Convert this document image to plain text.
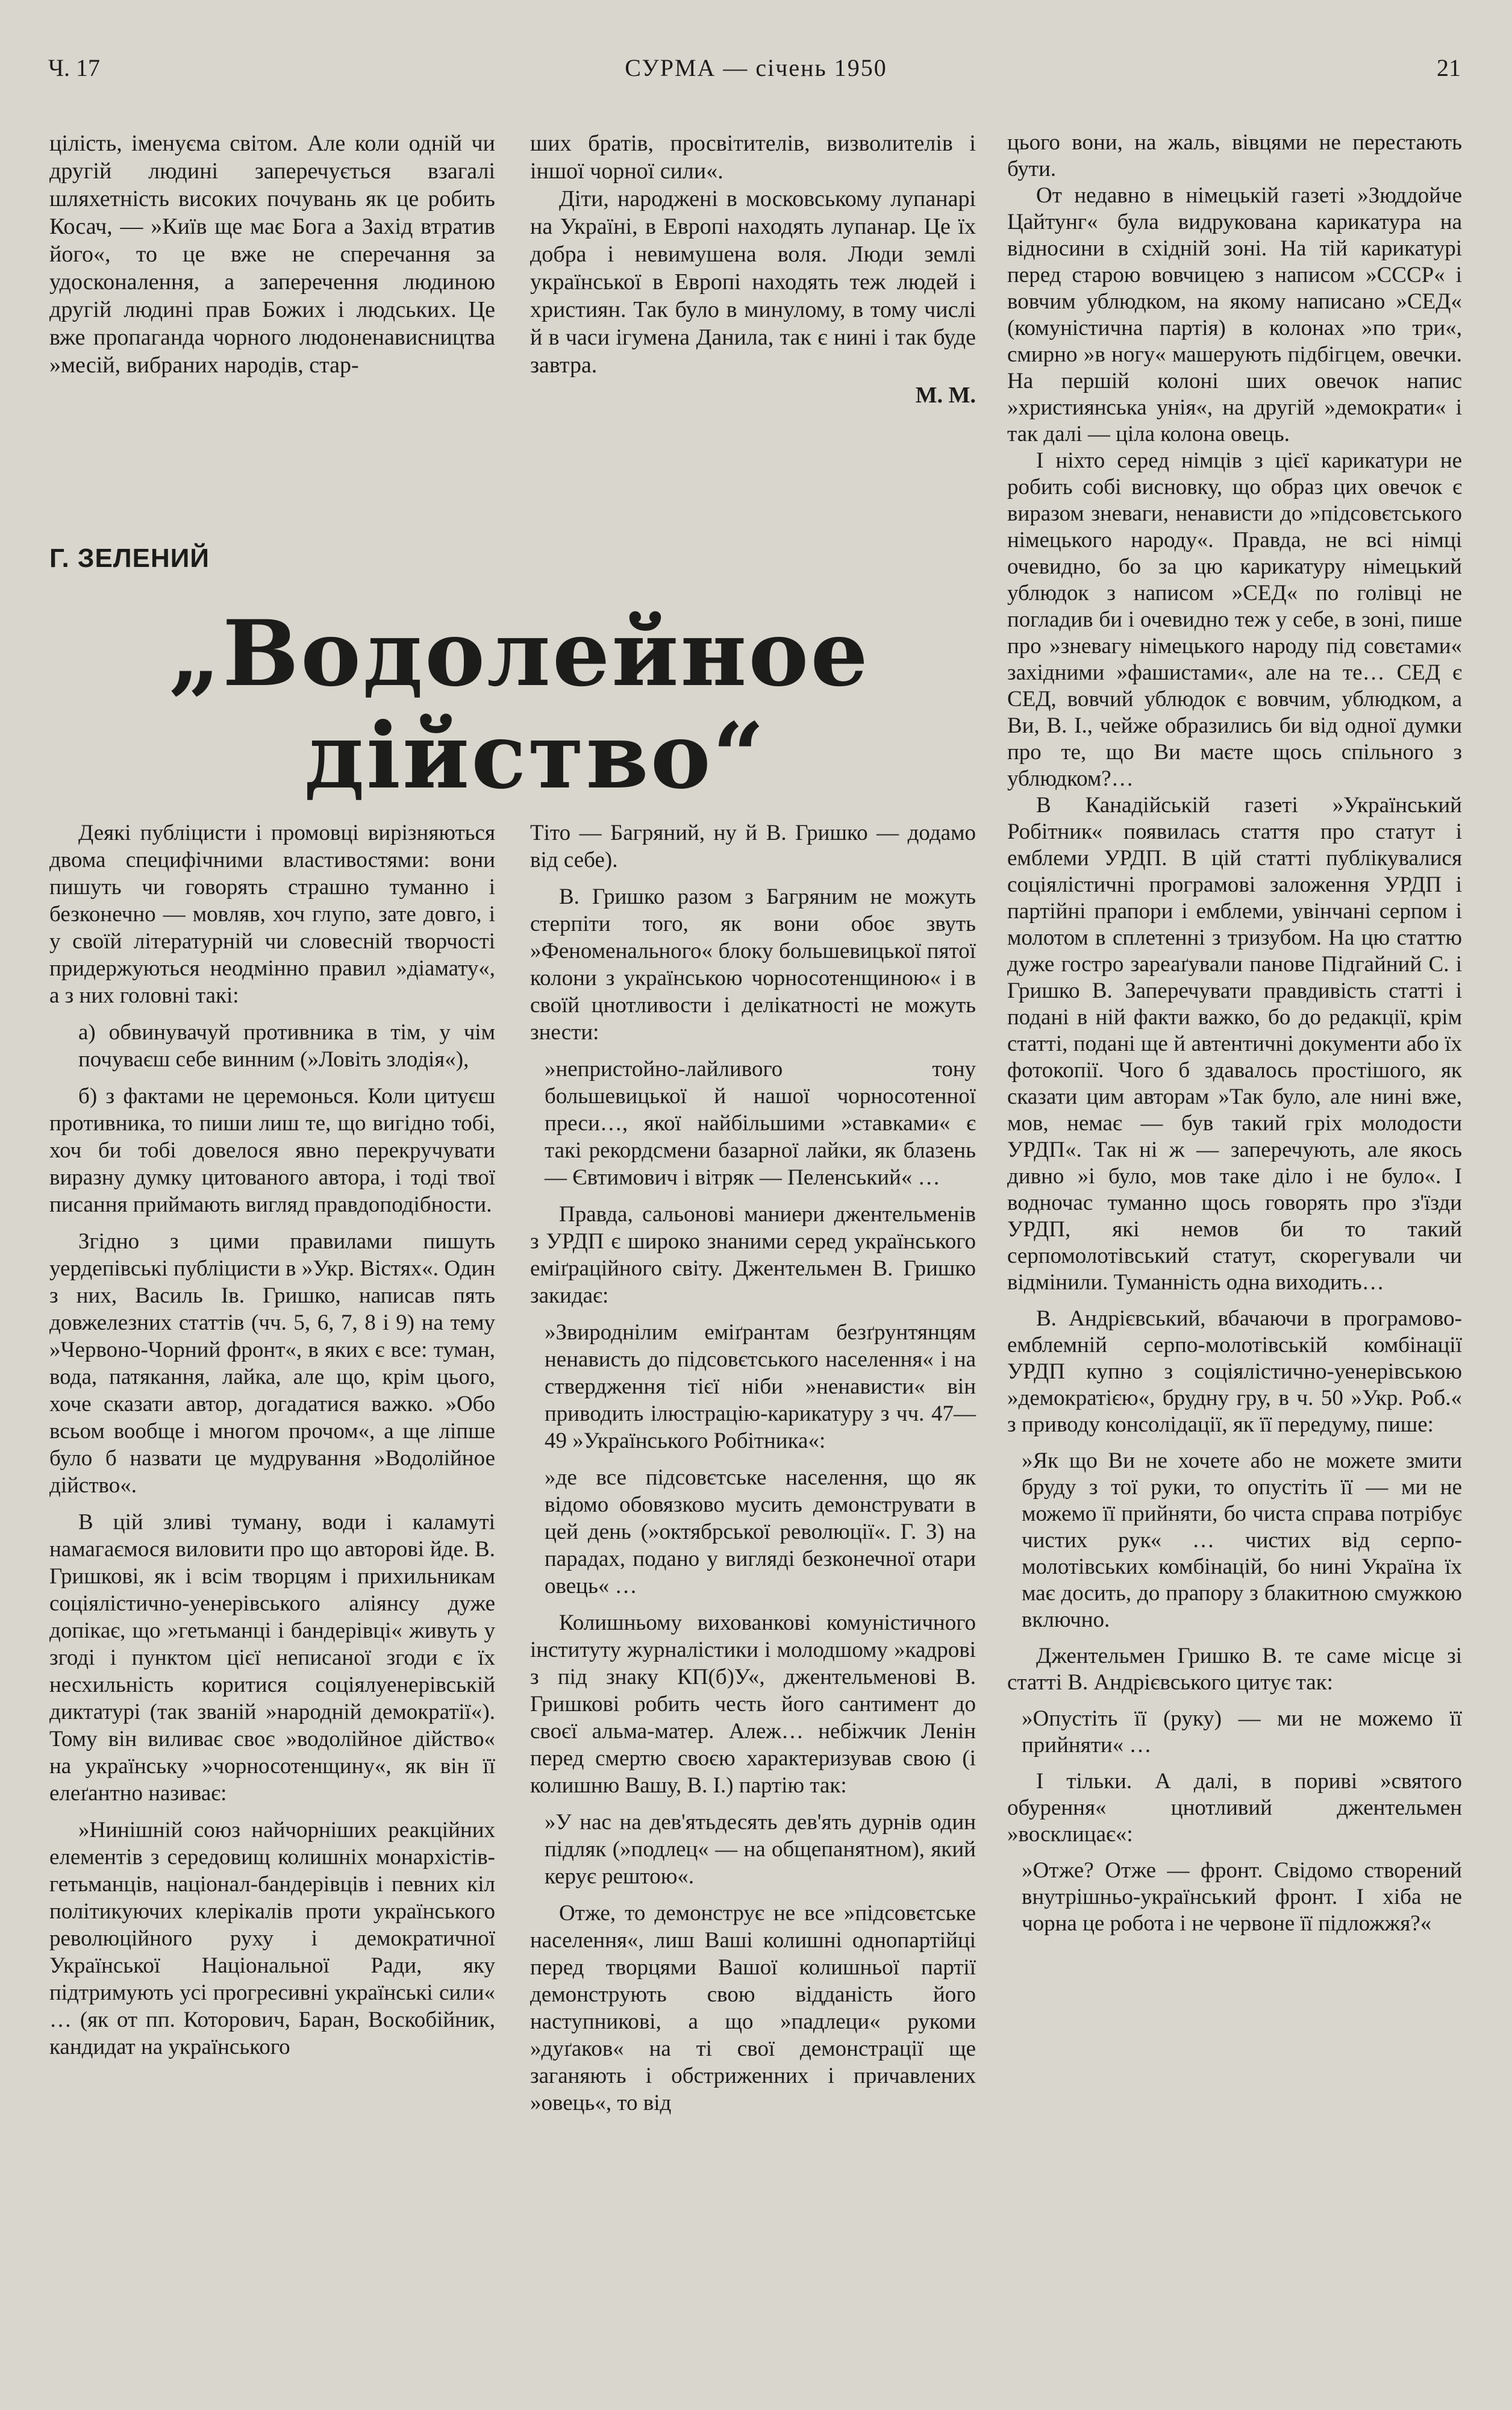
СУРМА — січень 1950
Ч. 17	21

цілість, іменуєма світом. Але коли одній чи другій людині заперечується взагалі шляхетність високих почувань як це робить Косач, — »Київ ще має Бога а Захід втратив його«, то це вже не сперечання за удосконалення, а заперечення людиною другій людині прав Божих і людських. Це вже пропаганда чорного людоненависництва »месій, вибраних народів, стар-

ших братів, просвітителів, визволителів і іншої чорної сили«.

Діти, народжені в московському лупанарі на Україні, в Европі находять лупанар. Це їх добра і невимушена воля. Люди землі української в Европі находять теж людей і християн. Так було в минулому, в тому числі й в часи ігумена Данила, так є нині і так буде завтра.

М. М.
Г. ЗЕЛЕНИЙ
„Водолейное
дійство“

Деякі публіцисти і промовці вирізняються двома специфічними властивостями: вони пишуть чи говорять страшно туманно і безконечно — мовляв, хоч глупо, зате довго, і у своїй літературній чи словесній творчості придержуються неодмінно правил »діамату«, а з них головні такі:

а) обвинувачуй противника в тім, у чім почуваєш себе винним (»Ловіть злодія«),

б) з фактами не церемонься. Коли цитуєш противника, то пиши лиш те, що вигідно тобі, хоч би тобі довелося явно перекручувати виразну думку цитованого автора, і тоді твої писання приймають вигляд правдоподібности.

Згідно з цими правилами пишуть уердепівські публіцисти в »Укр. Вістях«. Один з них, Василь Ів. Гришко, написав пять довжелезних статтів (чч. 5, 6, 7, 8 і 9) на тему »Червоно-Чорний фронт«, в яких є все: туман, вода, патякання, лайка, але що, крім цього, хоче сказати автор, догадатися важко. »Обо всьом вообще і многом прочом«, а ще ліпше було б назвати це мудрування »Водолійное дійство«.

В цій зливі туману, води і каламуті намагаємося виловити про що авторові йде. В. Гришкові, як і всім творцям і прихильникам соціялістично-уенерівського аліянсу дуже допікає, що »гетьманці і бандерівці« живуть у згоді і пунктом цієї неписаної згоди є їх несхильність коритися соціялуенерівській диктатурі (так званій »народній демократії«). Тому він виливає своє »водолійное дійство« на українську »чорносотенщину«, як він її елеґантно називає:

»Нинішній союз найчорніших реакційних елементів з середовищ колишніх монархістів-гетьманців, націонал-бандерівців і певних кіл політикуючих клерікалів проти українського революційного руху і демократичної Української Національної Ради, яку підтримують усі прогресивні українські сили« … (як от пп. Которович, Баран, Воскобійник, кандидат на українського

Тіто — Багряний, ну й В. Гришко — додамо від себе).

В. Гришко разом з Багряним не можуть стерпіти того, як вони обоє звуть »Феноменального« блоку большевицької пятої колони з українською чорносотенщиною« і в своїй цнотливости і делікатності не можуть знести:

»непристойно-лайливого тону большевицької й нашої чорносотенної преси…, якої найбільшими »ставками« є такі рекордсмени базарної лайки, як блазень — Євтимович і вітряк — Пеленський« …

Правда, сальонові маниери джентельменів з УРДП є широко знаними серед українського еміґраційного світу. Джентельмен В. Гришко закидає:

»Звироднілим еміґрантам безґрунтянцям ненависть до підсовєтського населення« і на ствердження тієї ніби »ненависти« він приводить ілюстрацію-карикатуру з чч. 47—49 »Українського Робітника«:

»де все підсовєтське населення, що як відомо обовязково мусить демонструвати в цей день (»октябрської революції«. Г. З) на парадах, подано у вигляді безконечної отари овець« …

Колишньому вихованкові комуністичного інституту журналістики і молодшому »кадрові з під знаку КП(б)У«, джентельменові В. Гришкові робить честь його сантимент до своєї альма-матер. Алеж… небіжчик Ленін перед смертю своєю характеризував свою (і колишню Вашу, В. І.) партію так:

»У нас на дев'ятьдесять дев'ять дурнів один підляк (»подлец« — на общепанятном), який керує рештою«.

Отже, то демонструє не все »підсовєтське населення«, лиш Ваші колишні однопартійці перед творцями Вашої колишньої партії демонструють свою відданість його наступникові, а що »падлеци« рукоми »дуґаков« на ті свої демонстрації ще заганяють і обстриженних і причавлених »овець«, то від

цього вони, на жаль, вівцями не перестають бути.

От недавно в німецькій газеті »Зюддойче Цайтунг« була видрукована карикатура на відносини в східній зоні. На тій карикатурі перед старою вовчицею з написом »СССР« і вовчим ублюдком, на якому написано »СЕД« (комуністична партія) в колонах »по три«, смирно »в ногу« машерують підбігцем, овечки. На першій колоні ших овечок напис »християнська унія«, на другій »демократи« і так далі — ціла колона овець.

І ніхто серед німців з цієї карикатури не робить собі висновку, що образ цих овечок є виразом зневаги, ненависти до »підсовєтського німецького народу«. Правда, не всі німці очевидно, бо за цю карикатуру німецький ублюдок з написом »СЕД« по голівці не погладив би і очевидно теж у себе, в зоні, пише про »зневагу німецького народу під совєтами« західними »фашистами«, але на те… СЕД є СЕД, вовчий ублюдок є вовчим, ублюдком, а Ви, В. І., чейже образились би від одної думки про те, що Ви маєте щось спільного з ублюдком?…

В Канадійській газеті »Український Робітник« появилась стаття про статут і емблеми УРДП. В цій статті публікувалися соціялістичні програмові заложення УРДП і партійні прапори і емблеми, увінчані серпом і молотом в сплетенні з тризубом. На цю статтю дуже гостро зареаґували панове Підгайний С. і Гришко В. Заперечувати правдивість статті і подані в ній факти важко, бо до редакції, крім статті, подані ще й автентичні документи або їх фотокопії. Чого б здавалось простішого, як сказати цим авторам »Так було, але нині вже, мов, немає — був такий гріх молодости УРДП«. Так ні ж — заперечують, але якось дивно »і було, мов таке діло і не було«. І водночас туманно щось говорять про з'їзди УРДП, які немов би то такий серпомолотівський статут, скорегували чи відмінили. Туманність одна виходить…

В. Андрієвський, вбачаючи в програмово-емблемній серпо-молотівській комбінації УРДП купно з соціялістично-уенерівською »демократією«, бруднy гру, в ч. 50 »Укр. Роб.« з приводу консолідації, як її передуму, пише:

»Як що Ви не хочете або не можете змити бруду з тої руки, то опустіть її — ми не можемо її прийняти, бо чиста справа потрібує чистих рук« … чистих від серпо-молотівських комбінацій, бо нині Україна їх має досить, до прапору з блакитною смужкою включно.

Джентельмен Гришко В. те саме місце зі статті В. Андрієвського цитує так:

»Опустіть її (руку) — ми не можемо її прийняти« …

І тільки. А далі, в пориві »святого обурення« цнотливий джентельмен »восклицає«:

»Отже? Отже — фронт. Свідомо створений внутрішньо-український фронт. І хіба не чорна це робота і не червоне її підложжя?«
